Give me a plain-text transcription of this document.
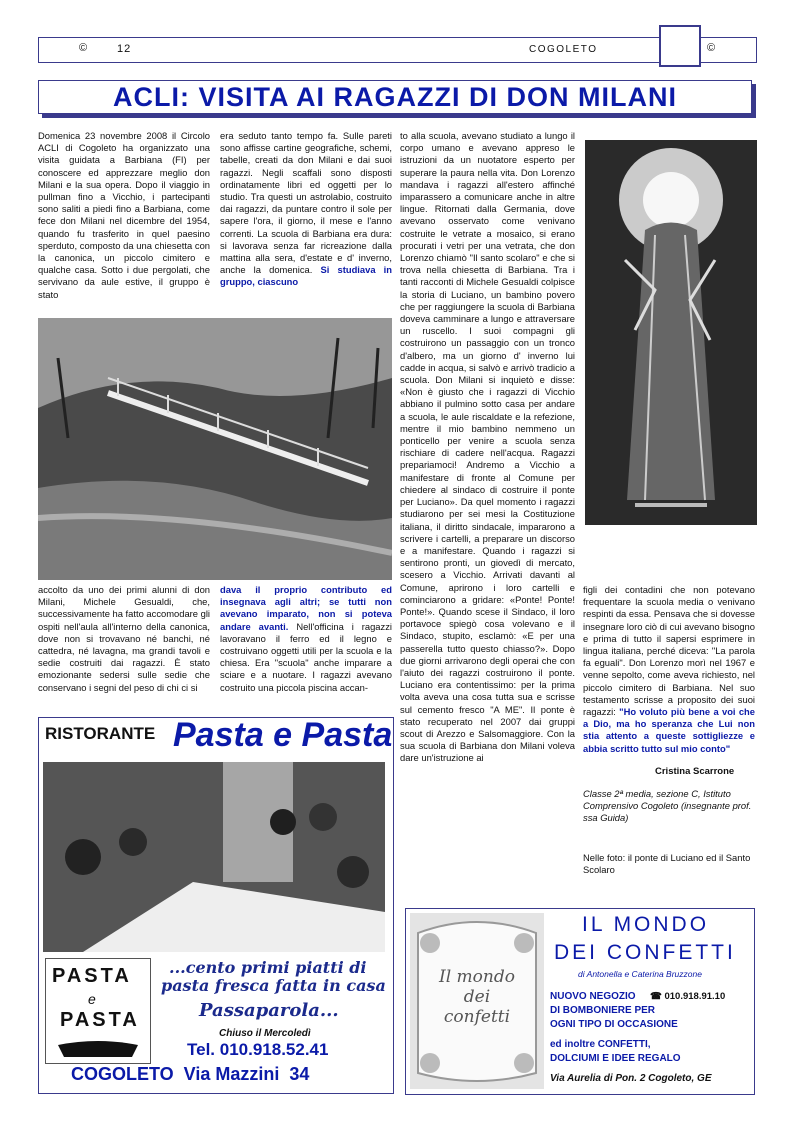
©	12	COGOLETO	©
ACLI: VISITA AI RAGAZZI DI DON MILANI

Domenica 23 novembre 2008 il Circolo ACLI di Cogoleto ha organizzato una visita guidata a Barbiana (FI) per conoscere ed apprezzare meglio don Milani e la sua opera. Dopo il viaggio in pullman fino a Vicchio, i partecipanti sono saliti a piedi fino a Barbiana, come fece don Milani nel dicembre del 1954, quando fu trasferito in quel paesino sperduto, composto da una chiesetta con la canonica, un piccolo cimitero e qualche casa. Sotto i due pergolati, che servivano da aule estive, il gruppo è stato

era seduto tanto tempo fa. Sulle pareti sono affisse cartine geografiche, schemi, tabelle, creati da don Milani e dai suoi ragazzi. Negli scaffali sono disposti ordinatamente libri ed oggetti per lo studio. Tra questi un astrolabio, costruito dai ragazzi, da puntare contro il sole per sapere l'ora, il giorno, il mese e l'anno correnti. La scuola di Barbiana era dura: si lavorava senza far ricreazione dalla mattina alla sera, d'estate e d' inverno, anche la domenica. Si studiava in gruppo, ciascuno

accolto da uno dei primi alunni di don Milani, Michele Gesualdi, che, successivamente ha fatto accomodare gli ospiti nell'aula all'interno della canonica, dove non si trovavano né banchi, né cattedra, né lavagna, ma grandi tavoli e sedie costruiti dai ragazzi. È stato emozionante sedersi sulle sedie che conservano i segni del peso di chi ci si

dava il proprio contributo ed insegnava agli altri; se tutti non avevano imparato, non si poteva andare avanti. Nell'officina i ragazzi lavoravano il ferro ed il legno e costruivano oggetti utili per la scuola e la chiesa. Era "scuola" anche imparare a sciare e a nuotare. I ragazzi avevano costruito una piccola piscina accan-

to alla scuola, avevano studiato a lungo il corpo umano e avevano appreso le istruzioni da un nuotatore esperto per superare la paura nella vita. Don Lorenzo mandava i ragazzi all'estero affinché imparassero a comunicare anche in altre lingue. Ritornati dalla Germania, dove avevano osservato come venivano costruite le vetrate a mosaico, si erano procurati i vetri per una vetrata, che don Lorenzo chiamò "Il santo scolaro" e che si trova nella chiesetta di Barbiana. Tra i tanti racconti di Michele Gesualdi colpisce la storia di Luciano, un bambino povero che per raggiungere la scuola di Barbiana doveva camminare a lungo e attraversare un ruscello. I suoi compagni gli costruirono un passaggio con un tronco d'albero, ma un giorno d' inverno lui cadde in acqua, si salvò e arrivò tradicio a scuola. Don Milani si inquietò e disse: «Non è giusto che i ragazzi di Vicchio abbiano il pulmino sotto casa per andare a scuola, le aule riscaldate e la refezione, mentre il mio bambino nemmeno un ponticello per venire a scuola senza rischiare di cadere nell'acqua. Ragazzi prepariamoci! Andremo a Vicchio a manifestare di fronte al Comune per chiedere al sindaco di costruire il ponte per Luciano». Da quel momento i ragazzi studiarono per sei mesi la Costituzione italiana, il diritto sindacale, impararono a scrivere i cartelli, a preparare un discorso e a manifestare. Quando i ragazzi si sentirono pronti, un giovedì di mercato, scesero a Vicchio. Arrivati davanti al Comune, aprirono i loro cartelli e cominciarono a gridare: «Ponte! Ponte! Ponte!». Quando scese il Sindaco, il loro portavoce spiegò cosa volevano e il Sindaco, stupito, esclamò: «E per una passerella tutto questo chiasso?». Dopo due giorni arrivarono degli operai che con l'aiuto dei ragazzi costruirono il ponte. Luciano era contentissimo: per la prima volta aveva una cosa tutta sua e scrisse sul cemento fresco "A ME". Il ponte è stato recuperato nel 2007 dai gruppi scout di Arezzo e Salsomaggiore. Con la sua scuola di Barbiana don Milani voleva dare un'istruzione ai

figli dei contadini che non potevano frequentare la scuola media o venivano respinti da essa. Pensava che si dovesse insegnare loro ciò di cui avevano bisogno e prima di tutto il sapersi esprimere in lingua italiana, perché diceva: "La parola fa eguali". Don Lorenzo morì nel 1967 e venne sepolto, come aveva richiesto, nel piccolo cimitero di Barbiana. Nel suo testamento scrisse a proposito dei suoi ragazzi: "Ho voluto più bene a voi che a Dio, ma ho speranza che Lui non stia attento a queste sottigliezze e abbia scritto tutto sul mio conto"

Cristina Scarrone
Classe 2ª media, sezione C, Istituto Comprensivo Cogoleto (insegnante prof. ssa Guida)
Nelle foto: il ponte di Luciano ed il Santo Scolaro
RISTORANTE Pasta e Pasta
PASTA
e
PASTA
...cento primi piatti di
pasta fresca fatta in casa
Passaparola...
Chiuso il Mercoledì
Tel. 010.918.52.41
COGOLETO  Via Mazzini  34
Il mondo dei confetti
IL MONDO
DEI CONFETTI
di Antonella e Caterina Bruzzone
NUOVO NEGOZIO ☎ 010.918.91.10
DI BOMBONIERE PER
OGNI TIPO DI OCCASIONE
ed inoltre CONFETTI,
DOLCIUMI E IDEE REGALO
Via Aurelia di Pon. 2 Cogoleto, GE
